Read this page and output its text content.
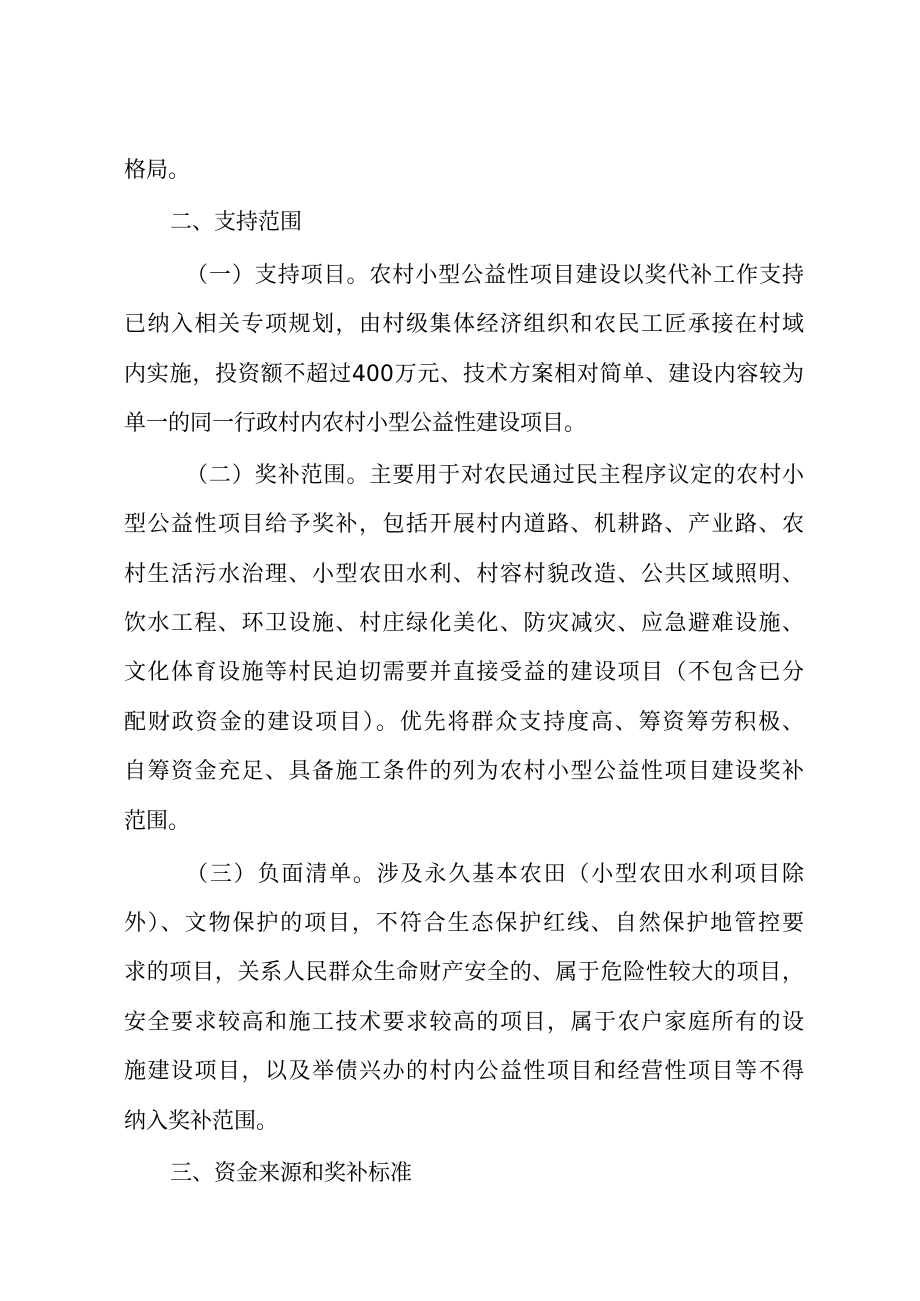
格局。
二、支持范围
（一）支持项目。农村小型公益性项目建设以奖代补工作支持
已纳入相关专项规划，由村级集体经济组织和农民工匠承接在村域
内实施，投资额不超过400万元、技术方案相对简单、建设内容较为
单一的同一行政村内农村小型公益性建设项目。
（二）奖补范围。主要用于对农民通过民主程序议定的农村小
型公益性项目给予奖补，包括开展村内道路、机耕路、产业路、农
村生活污水治理、小型农田水利、村容村貌改造、公共区域照明、
饮水工程、环卫设施、村庄绿化美化、防灾减灾、应急避难设施、
文化体育设施等村民迫切需要并直接受益的建设项目（不包含已分
配财政资金的建设项目）。优先将群众支持度高、筹资筹劳积极、
自筹资金充足、具备施工条件的列为农村小型公益性项目建设奖补
范围。
（三）负面清单。涉及永久基本农田（小型农田水利项目除
外）、文物保护的项目，不符合生态保护红线、自然保护地管控要
求的项目，关系人民群众生命财产安全的、属于危险性较大的项目，
安全要求较高和施工技术要求较高的项目，属于农户家庭所有的设
施建设项目，以及举债兴办的村内公益性项目和经营性项目等不得
纳入奖补范围。
三、资金来源和奖补标准
